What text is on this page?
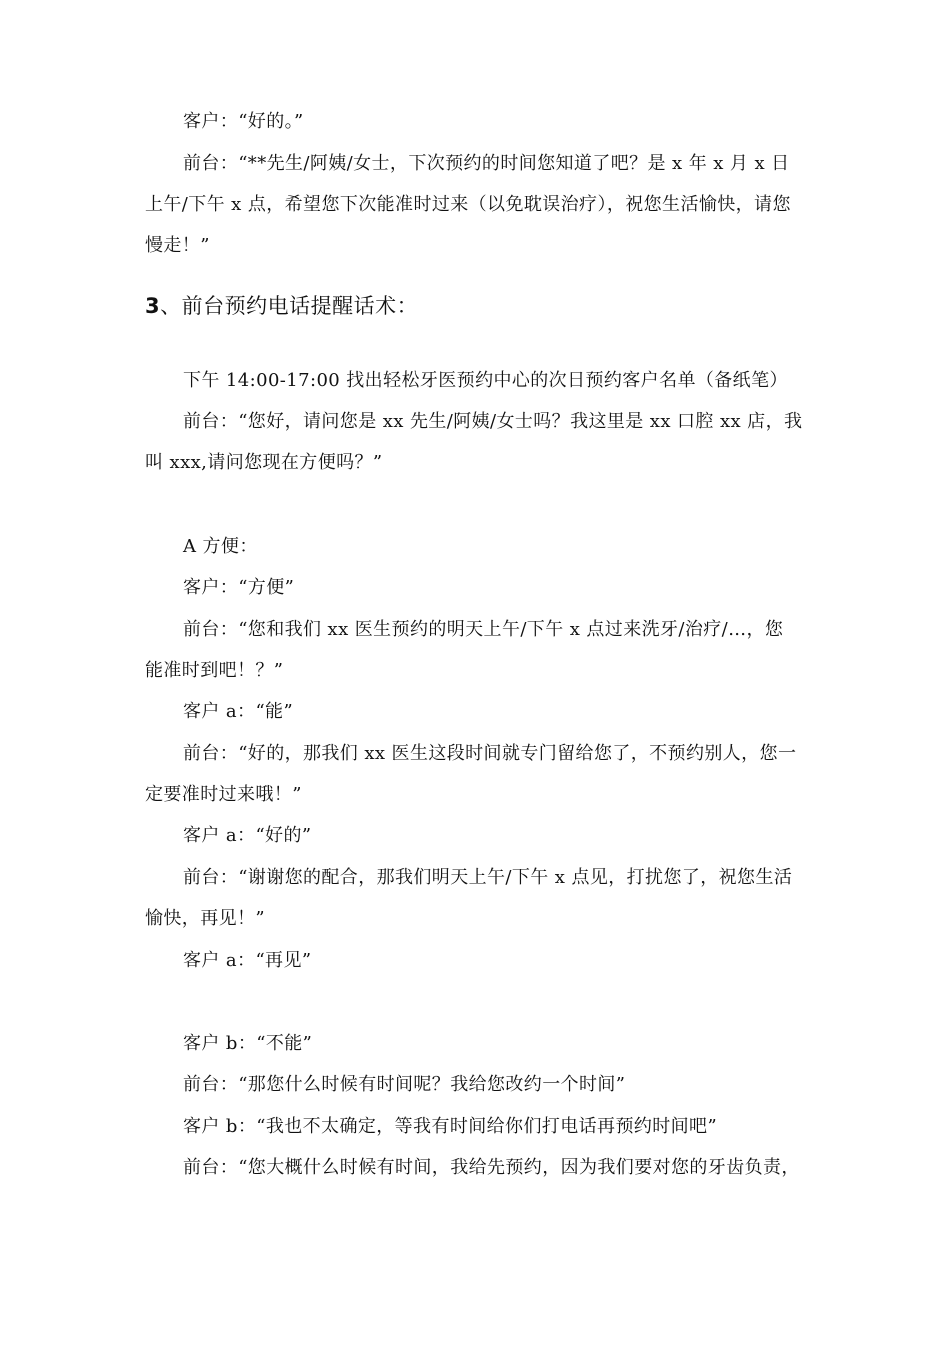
客户：“好的。”
前台：“**先生/阿姨/女士，下次预约的时间您知道了吧？是 x 年 x 月 x 日
上午/下午 x 点，希望您下次能准时过来（以免耽误治疗），祝您生活愉快，请您
慢走！”
3、前台预约电话提醒话术：
下午 14:00-17:00 找出轻松牙医预约中心的次日预约客户名单（备纸笔）
前台：“您好，请问您是 xx 先生/阿姨/女士吗？我这里是 xx 口腔 xx 店，我
叫 xxx,请问您现在方便吗？”
A 方便：
客户：“方便”
前台：“您和我们 xx 医生预约的明天上午/下午 x 点过来洗牙/治疗/…，您
能准时到吧！？”
客户 a：“能”
前台：“好的，那我们 xx 医生这段时间就专门留给您了，不预约别人，您一
定要准时过来哦！”
客户 a：“好的”
前台：“谢谢您的配合，那我们明天上午/下午 x 点见，打扰您了，祝您生活
愉快，再见！”
客户 a：“再见”
客户 b：“不能”
前台：“那您什么时候有时间呢？我给您改约一个时间”
客户 b：“我也不太确定，等我有时间给你们打电话再预约时间吧”
前台：“您大概什么时候有时间，我给先预约，因为我们要对您的牙齿负责，
